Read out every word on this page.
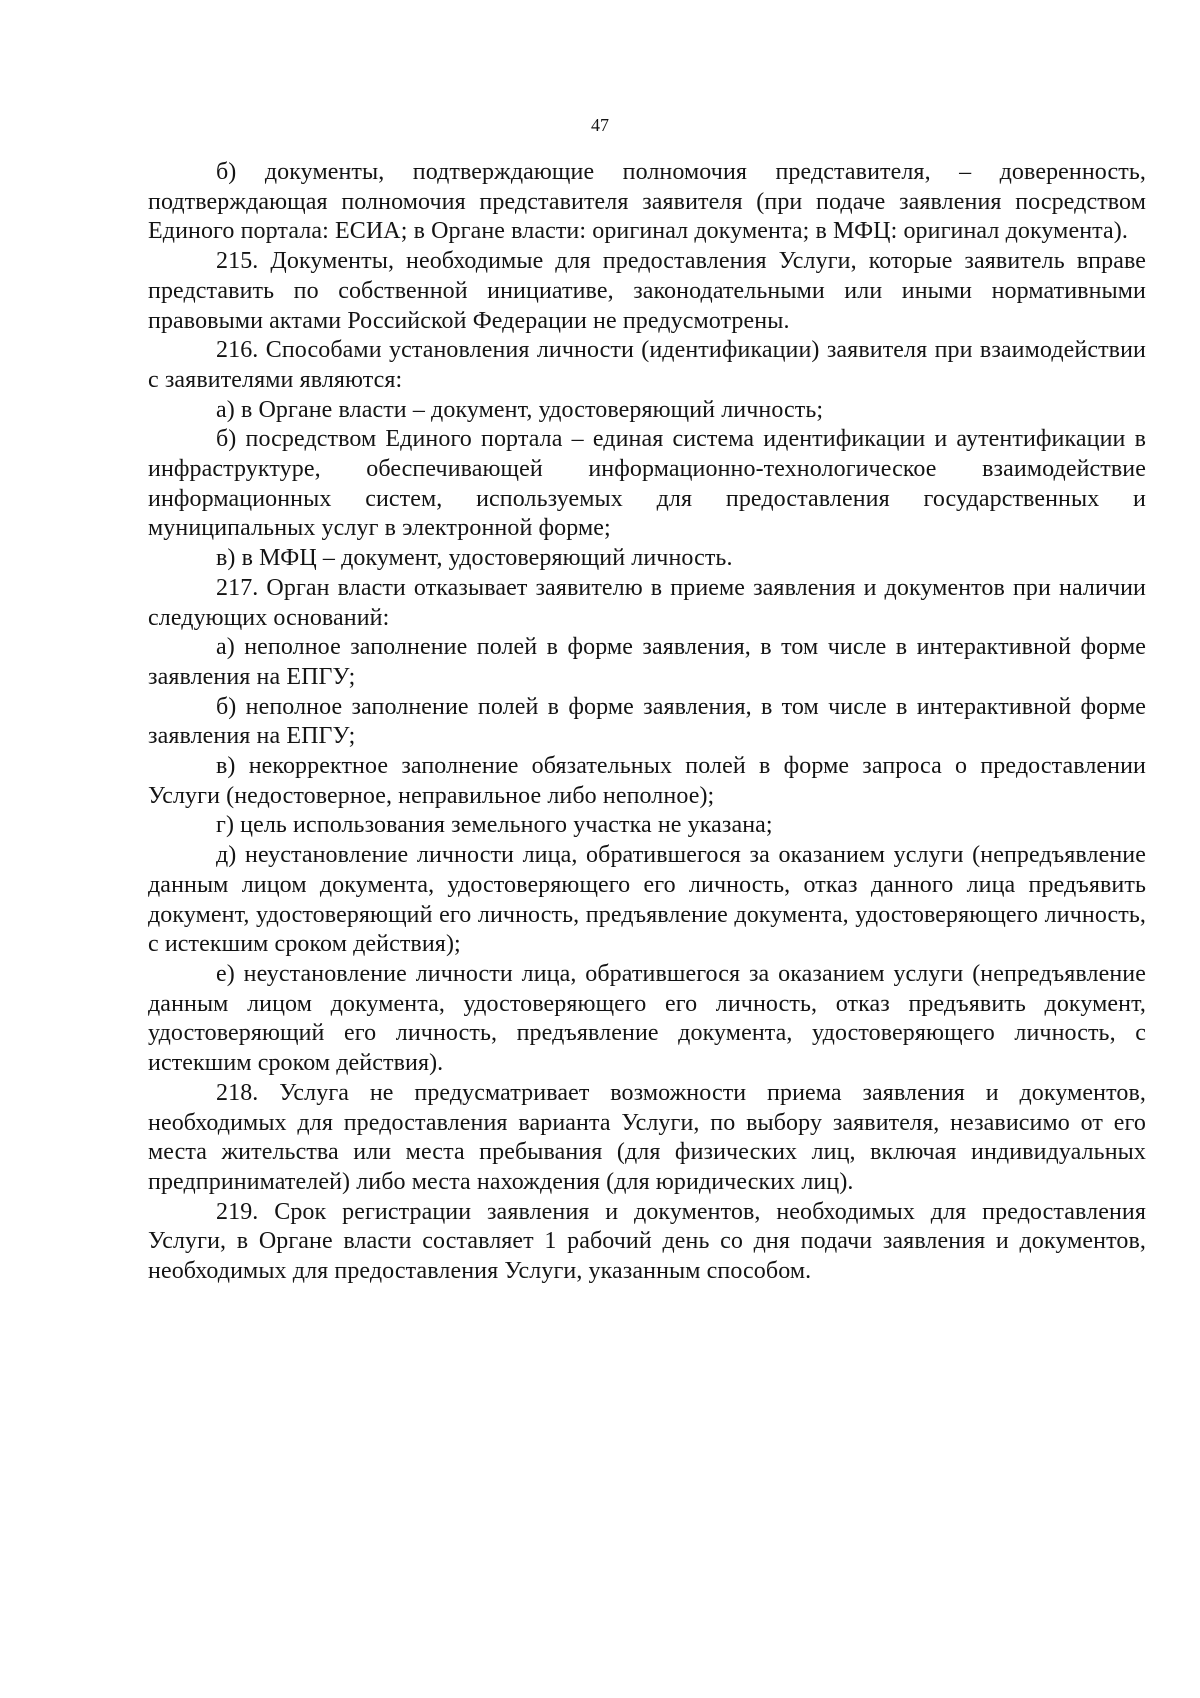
47

б) документы, подтверждающие полномочия представителя, – доверенность, подтверждающая полномочия представителя заявителя (при подаче заявления посредством Единого портала: ЕСИА; в Органе власти: оригинал документа; в МФЦ: оригинал документа).

215. Документы, необходимые для предоставления Услуги, которые заявитель вправе представить по собственной инициативе, законодательными или иными нормативными правовыми актами Российской Федерации не предусмотрены.

216. Способами установления личности (идентификации) заявителя при взаимодействии с заявителями являются:

а) в Органе власти – документ, удостоверяющий личность;

б) посредством Единого портала – единая система идентификации и аутентификации в инфраструктуре, обеспечивающей информационно-технологическое взаимодействие информационных систем, используемых для предоставления государственных и муниципальных услуг в электронной форме;

в) в МФЦ – документ, удостоверяющий личность.

217. Орган власти отказывает заявителю в приеме заявления и документов при наличии следующих оснований:

а) неполное заполнение полей в форме заявления, в том числе в интерактивной форме заявления на ЕПГУ;

б) неполное заполнение полей в форме заявления, в том числе в интерактивной форме заявления на ЕПГУ;

в) некорректное заполнение обязательных полей в форме запроса о предоставлении Услуги (недостоверное, неправильное либо неполное);

г) цель использования земельного участка не указана;

д) неустановление личности лица, обратившегося за оказанием услуги (непредъявление данным лицом документа, удостоверяющего его личность, отказ данного лица предъявить документ, удостоверяющий его личность, предъявление документа, удостоверяющего личность, с истекшим сроком действия);

е) неустановление личности лица, обратившегося за оказанием услуги (непредъявление данным лицом документа, удостоверяющего его личность, отказ предъявить документ, удостоверяющий его личность, предъявление документа, удостоверяющего личность, с истекшим сроком действия).

218. Услуга не предусматривает возможности приема заявления и документов, необходимых для предоставления варианта Услуги, по выбору заявителя, независимо от его места жительства или места пребывания (для физических лиц, включая индивидуальных предпринимателей) либо места нахождения (для юридических лиц).

219. Срок регистрации заявления и документов, необходимых для предоставления Услуги, в Органе власти составляет 1 рабочий день со дня подачи заявления и документов, необходимых для предоставления Услуги, указанным способом.
